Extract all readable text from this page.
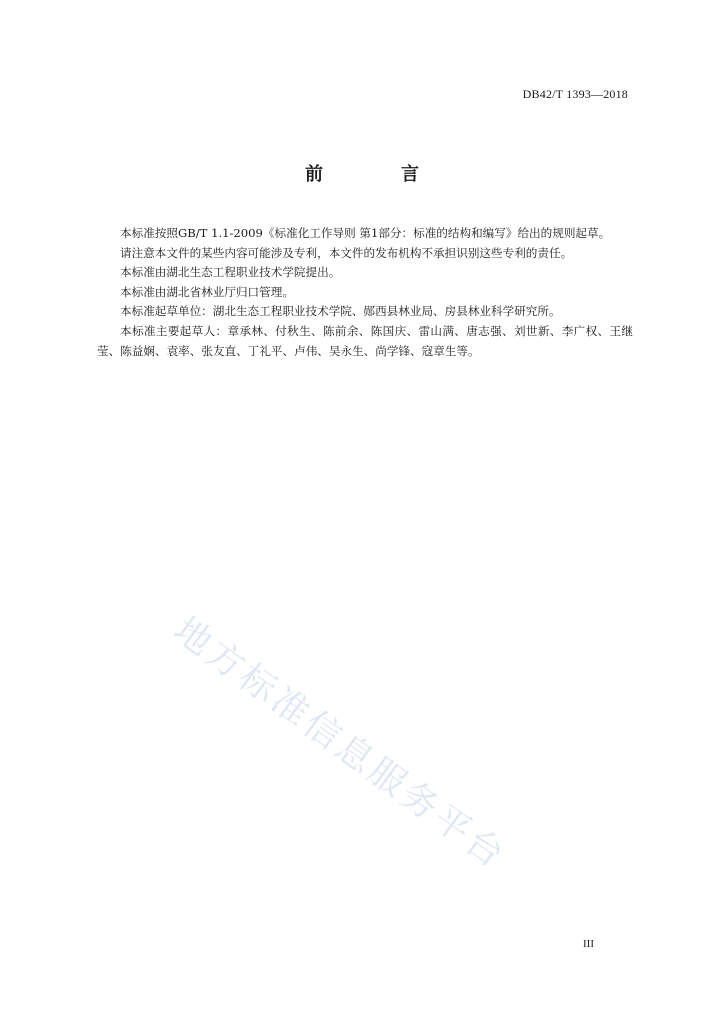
DB42/T 1393—2018
前　言

本标准按照GB/T 1.1-2009《标准化工作导则 第1部分：标准的结构和编写》给出的规则起草。

请注意本文件的某些内容可能涉及专利，本文件的发布机构不承担识别这些专利的责任。

本标准由湖北生态工程职业技术学院提出。

本标准由湖北省林业厅归口管理。

本标准起草单位：湖北生态工程职业技术学院、郧西县林业局、房县林业科学研究所。

本标准主要起草人：章承林、付秋生、陈前余、陈国庆、雷山满、唐志强、刘世新、李广权、王继莹、陈益娴、袁率、张友直、丁礼平、卢伟、吴永生、尚学锋、寇章生等。

地方标准信息服务平台
III
